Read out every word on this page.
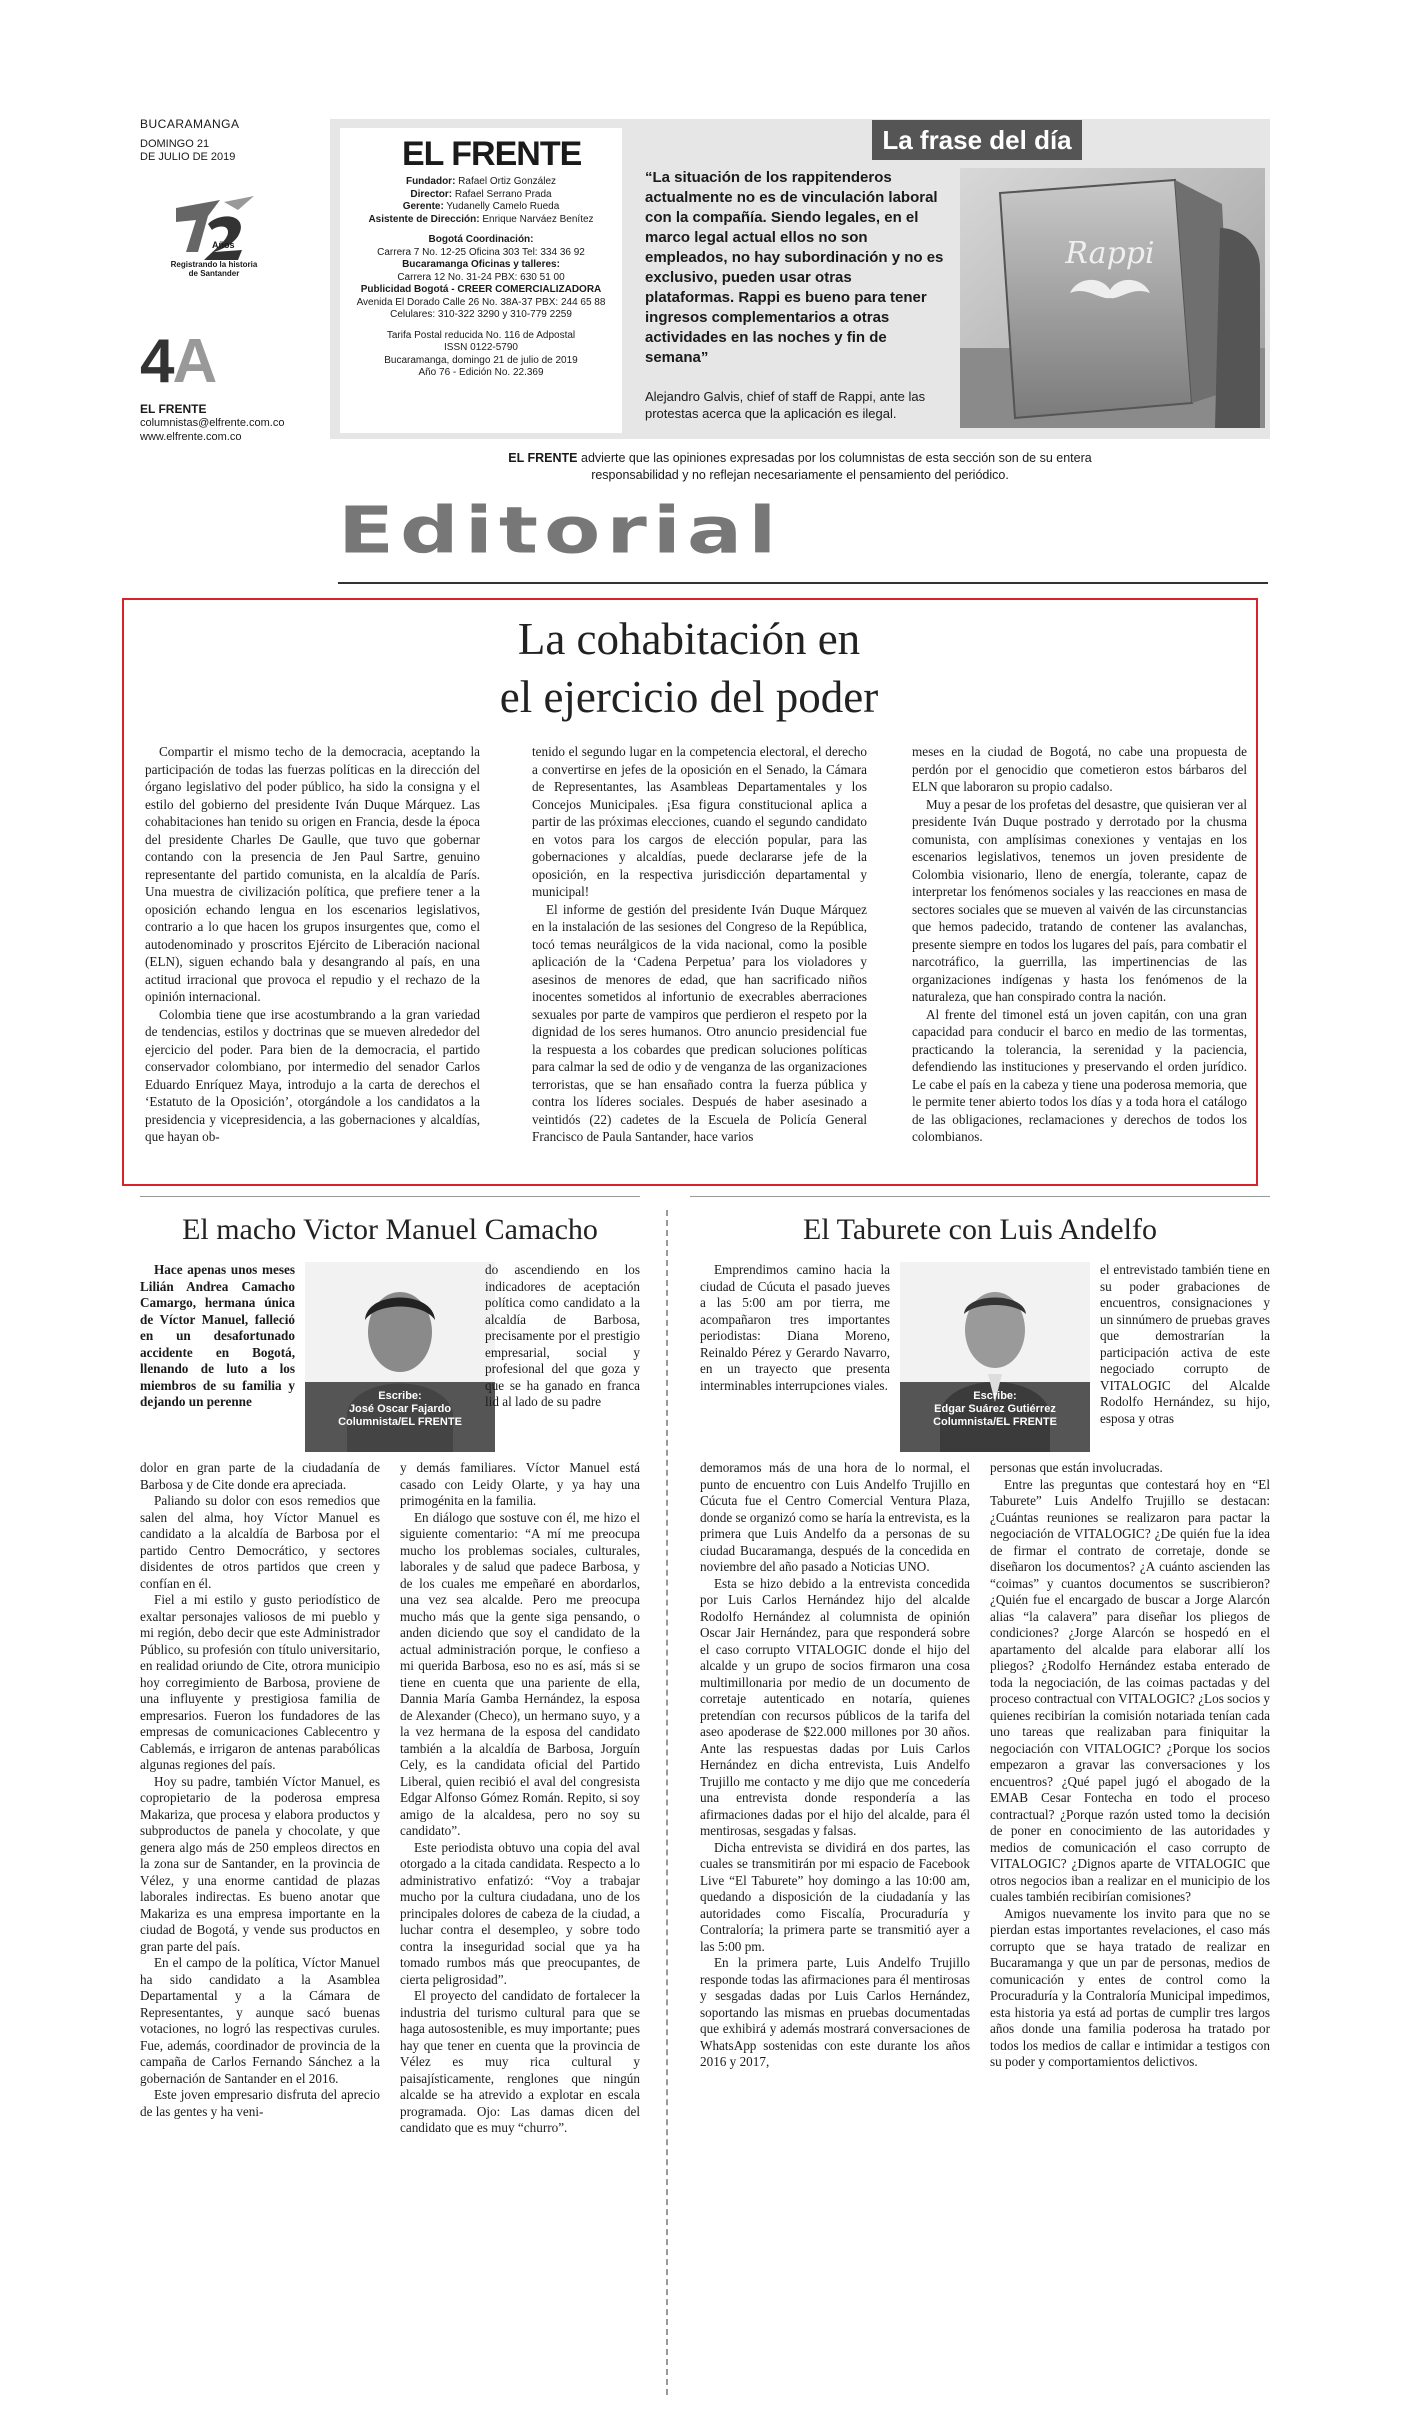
BUCARAMANGA
DOMINGO 21
DE JULIO DE 2019
Años
Registrando la historia
de Santander
4A
EL FRENTE
columnistas@elfrente.com.co
www.elfrente.com.co
EL FRENTE

Fundador: Rafael Ortiz González

Director: Rafael Serrano Prada

Gerente: Yudanelly Camelo Rueda

Asistente de Dirección: Enrique Narváez Benítez

Bogotá Coordinación:

Carrera 7 No. 12-25 Oficina 303 Tel: 334 36 92

Bucaramanga Oficinas y talleres:

Carrera 12 No. 31-24 PBX: 630 51 00

Publicidad Bogotá - CREER COMERCIALIZADORA

Avenida El Dorado Calle 26 No. 38A-37 PBX: 244 65 88

Celulares: 310-322 3290 y 310-779 2259

Tarifa Postal reducida No. 116 de Adpostal

ISSN 0122-5790

Bucaramanga, domingo 21 de julio de 2019

Año 76 - Edición No. 22.369

La frase del día
“La situación de los rappitenderos actualmente no es de vinculación laboral con la compañía. Siendo legales, en el marco legal actual ellos no son empleados, no hay subordinación y no es exclusivo, pueden usar otras plataformas. Rappi es bueno para tener ingresos complementarios a otras actividades en las noches y fin de semana”
Alejandro Galvis, chief of staff de Rappi, ante las protestas acerca que la aplicación es ilegal.
Rappi
EL FRENTE advierte que las opiniones expresadas por los columnistas de esta sección son de su entera responsabilidad y no reflejan necesariamente el pensamiento del periódico.
Editorial
La cohabitación en
el ejercicio del poder

Compartir el mismo techo de la democracia, aceptando la participación de todas las fuerzas políticas en la dirección del órgano legislativo del poder público, ha sido la consigna y el estilo del gobierno del presidente Iván Duque Márquez. Las cohabitaciones han tenido su origen en Francia, desde la época del presidente Charles De Gaulle, que tuvo que gobernar contando con la presencia de Jen Paul Sartre, genuino representante del partido comunista, en la alcaldía de París. Una muestra de civilización política, que prefiere tener a la oposición echando lengua en los escenarios legislativos, contrario a lo que hacen los grupos insurgentes que, como el autodenominado y proscritos Ejército de Liberación nacional (ELN), siguen echando bala y desangrando al país, en una actitud irracional que provoca el repudio y el rechazo de la opinión internacional.

Colombia tiene que irse acostumbrando a la gran variedad de tendencias, estilos y doctrinas que se mueven alrededor del ejercicio del poder. Para bien de la democracia, el partido conservador colombiano, por intermedio del senador Carlos Eduardo Enríquez Maya, introdujo a la carta de derechos el ‘Estatuto de la Oposición’, otorgándole a los candidatos a la presidencia y vicepresidencia, a las gobernaciones y alcaldías, que hayan ob-

tenido el segundo lugar en la competencia electoral, el derecho a convertirse en jefes de la oposición en el Senado, la Cámara de Representantes, las Asambleas Departamentales y los Concejos Municipales. ¡Esa figura constitucional aplica a partir de las próximas elecciones, cuando el segundo candidato en votos para los cargos de elección popular, para las gobernaciones y alcaldías, puede declararse jefe de la oposición, en la respectiva jurisdicción departamental y municipal!

El informe de gestión del presidente Iván Duque Márquez en la instalación de las sesiones del Congreso de la República, tocó temas neurálgicos de la vida nacional, como la posible aplicación de la ‘Cadena Perpetua’ para los violadores y asesinos de menores de edad, que han sacrificado niños inocentes sometidos al infortunio de execrables aberraciones sexuales por parte de vampiros que perdieron el respeto por la dignidad de los seres humanos. Otro anuncio presidencial fue la respuesta a los cobardes que predican soluciones políticas para calmar la sed de odio y de venganza de las organizaciones terroristas, que se han ensañado contra la fuerza pública y contra los líderes sociales. Después de haber asesinado a veintidós (22) cadetes de la Escuela de Policía General Francisco de Paula Santander, hace varios

meses en la ciudad de Bogotá, no cabe una propuesta de perdón por el genocidio que cometieron estos bárbaros del ELN que laboraron su propio cadalso.

Muy a pesar de los profetas del desastre, que quisieran ver al presidente Iván Duque postrado y derrotado por la chusma comunista, con amplísimas conexiones y ventajas en los escenarios legislativos, tenemos un joven presidente de Colombia visionario, lleno de energía, tolerante, capaz de interpretar los fenómenos sociales y las reacciones en masa de sectores sociales que se mueven al vaivén de las circunstancias que hemos padecido, tratando de contener las avalanchas, presente siempre en todos los lugares del país, para combatir el narcotráfico, la guerrilla, las impertinencias de las organizaciones indígenas y hasta los fenómenos de la naturaleza, que han conspirado contra la nación.

Al frente del timonel está un joven capitán, con una gran capacidad para conducir el barco en medio de las tormentas, practicando la tolerancia, la serenidad y la paciencia, defendiendo las instituciones y preservando el orden jurídico. Le cabe el país en la cabeza y tiene una poderosa memoria, que le permite tener abierto todos los días y a toda hora el catálogo de las obligaciones, reclamaciones y derechos de todos los colombianos.

El macho Victor Manuel Camacho
Escribe:
José Oscar Fajardo
Columnista/EL FRENTE

Hace apenas unos meses Lilián Andrea Camacho Camargo, hermana única de Víctor Manuel, falleció en un desafortunado accidente en Bogotá, llenando de luto a los miembros de su familia y dejando un perenne

dolor en gran parte de la ciudadanía de Barbosa y de Cite donde era apreciada.

Paliando su dolor con esos remedios que salen del alma, hoy Víctor Manuel es candidato a la alcaldía de Barbosa por el partido Centro Democrático, y sectores disidentes de otros partidos que creen y confían en él.

Fiel a mi estilo y gusto periodístico de exaltar personajes valiosos de mi pueblo y mi región, debo decir que este Administrador Público, su profesión con título universitario, en realidad oriundo de Cite, otrora municipio hoy corregimiento de Barbosa, proviene de una influyente y prestigiosa familia de empresarios. Fueron los fundadores de las empresas de comunicaciones Cablecentro y Cablemás, e irrigaron de antenas parabólicas algunas regiones del país.

Hoy su padre, también Víctor Manuel, es copropietario de la poderosa empresa Makariza, que procesa y elabora productos y subproductos de panela y chocolate, y que genera algo más de 250 empleos directos en la zona sur de Santander, en la provincia de Vélez, y una enorme cantidad de plazas laborales indirectas. Es bueno anotar que Makariza es una empresa importante en la ciudad de Bogotá, y vende sus productos en gran parte del país.

En el campo de la política, Víctor Manuel ha sido candidato a la Asamblea Departamental y a la Cámara de Representantes, y aunque sacó buenas votaciones, no logró las respectivas curules. Fue, además, coordinador de provincia de la campaña de Carlos Fernando Sánchez a la gobernación de Santander en el 2016.

Este joven empresario disfruta del aprecio de las gentes y ha veni-

do ascendiendo en los indicadores de aceptación política como candidato a la alcaldía de Barbosa, precisamente por el prestigio empresarial, social y profesional del que goza y que se ha ganado en franca lid al lado de su padre

y demás familiares. Víctor Manuel está casado con Leidy Olarte, y ya hay una primogénita en la familia.

En diálogo que sostuve con él, me hizo el siguiente comentario: “A mí me preocupa mucho los problemas sociales, culturales, laborales y de salud que padece Barbosa, y de los cuales me empeñaré en abordarlos, una vez sea alcalde. Pero me preocupa mucho más que la gente siga pensando, o anden diciendo que soy el candidato de la actual administración porque, le confieso a mi querida Barbosa, eso no es así, más si se tiene en cuenta que una pariente de ella, Dannia María Gamba Hernández, la esposa de Alexander (Checo), un hermano suyo, y a la vez hermana de la esposa del candidato también a la alcaldía de Barbosa, Jorguín Cely, es la candidata oficial del Partido Liberal, quien recibió el aval del congresista Edgar Alfonso Gómez Román. Repito, si soy amigo de la alcaldesa, pero no soy su candidato”.

Este periodista obtuvo una copia del aval otorgado a la citada candidata. Respecto a lo administrativo enfatizó: “Voy a trabajar mucho por la cultura ciudadana, uno de los principales dolores de cabeza de la ciudad, a luchar contra el desempleo, y sobre todo contra la inseguridad social que ya ha tomado rumbos más que preocupantes, de cierta peligrosidad”.

El proyecto del candidato de fortalecer la industria del turismo cultural para que se haga autosostenible, es muy importante; pues hay que tener en cuenta que la provincia de Vélez es muy rica cultural y paisajísticamente, renglones que ningún alcalde se ha atrevido a explotar en escala programada. Ojo: Las damas dicen del candidato que es muy “churro”.

El Taburete con Luis Andelfo
Escribe:
Edgar Suárez Gutiérrez
Columnista/EL FRENTE

Emprendimos camino hacia la ciudad de Cúcuta el pasado jueves a las 5:00 am por tierra, me acompañaron tres importantes periodistas: Diana Moreno, Reinaldo Pérez y Gerardo Navarro, en un trayecto que presenta interminables interrupciones viales.

demoramos más de una hora de lo normal, el punto de encuentro con Luis Andelfo Trujillo en Cúcuta fue el Centro Comercial Ventura Plaza, donde se organizó como se haría la entrevista, es la primera que Luis Andelfo da a personas de su ciudad Bucaramanga, después de la concedida en noviembre del año pasado a Noticias UNO.

Esta se hizo debido a la entrevista concedida por Luis Carlos Hernández hijo del alcalde Rodolfo Hernández al columnista de opinión Oscar Jair Hernández, para que responderá sobre el caso corrupto VITALOGIC donde el hijo del alcalde y un grupo de socios firmaron una cosa multimillonaria por medio de un documento de corretaje autenticado en notaría, quienes pretendían con recursos públicos de la tarifa del aseo apoderase de $22.000 millones por 30 años. Ante las respuestas dadas por Luis Carlos Hernández en dicha entrevista, Luis Andelfo Trujillo me contacto y me dijo que me concedería una entrevista donde respondería a las afirmaciones dadas por el hijo del alcalde, para él mentirosas, sesgadas y falsas.

Dicha entrevista se dividirá en dos partes, las cuales se transmitirán por mi espacio de Facebook Live “El Taburete” hoy domingo a las 10:00 am, quedando a disposición de la ciudadanía y las autoridades como Fiscalía, Procuraduría y Contraloría; la primera parte se transmitió ayer a las 5:00 pm.

En la primera parte, Luis Andelfo Trujillo responde todas las afirmaciones para él mentirosas y sesgadas dadas por Luis Carlos Hernández, soportando las mismas en pruebas documentadas que exhibirá y además mostrará conversaciones de WhatsApp sostenidas con este durante los años 2016 y 2017,

el entrevistado también tiene en su poder grabaciones de encuentros, consignaciones y un sinnúmero de pruebas graves que demostrarían la participación activa de este negociado corrupto de VITALOGIC del Alcalde Rodolfo Hernández, su hijo, esposa y otras

personas que están involucradas.

Entre las preguntas que contestará hoy en “El Taburete” Luis Andelfo Trujillo se destacan: ¿Cuántas reuniones se realizaron para pactar la negociación de VITALOGIC? ¿De quién fue la idea de firmar el contrato de corretaje, donde se diseñaron los documentos? ¿A cuánto ascienden las “coimas” y cuantos documentos se suscribieron? ¿Quién fue el encargado de buscar a Jorge Alarcón alias “la calavera” para diseñar los pliegos de condiciones? ¿Jorge Alarcón se hospedó en el apartamento del alcalde para elaborar allí los pliegos? ¿Rodolfo Hernández estaba enterado de toda la negociación, de las coimas pactadas y del proceso contractual con VITALOGIC? ¿Los socios y quienes recibirían la comisión notariada tenían cada uno tareas que realizaban para finiquitar la negociación con VITALOGIC? ¿Porque los socios empezaron a gravar las conversaciones y los encuentros? ¿Qué papel jugó el abogado de la EMAB Cesar Fontecha en todo el proceso contractual? ¿Porque razón usted tomo la decisión de poner en conocimiento de las autoridades y medios de comunicación el caso corrupto de VITALOGIC? ¿Dignos aparte de VITALOGIC que otros negocios iban a realizar en el municipio de los cuales también recibirían comisiones?

Amigos nuevamente los invito para que no se pierdan estas importantes revelaciones, el caso más corrupto que se haya tratado de realizar en Bucaramanga y que un par de personas, medios de comunicación y entes de control como la Procuraduría y la Contraloría Municipal impedimos, esta historia ya está ad portas de cumplir tres largos años donde una familia poderosa ha tratado por todos los medios de callar e intimidar a testigos con su poder y comportamientos delictivos.
